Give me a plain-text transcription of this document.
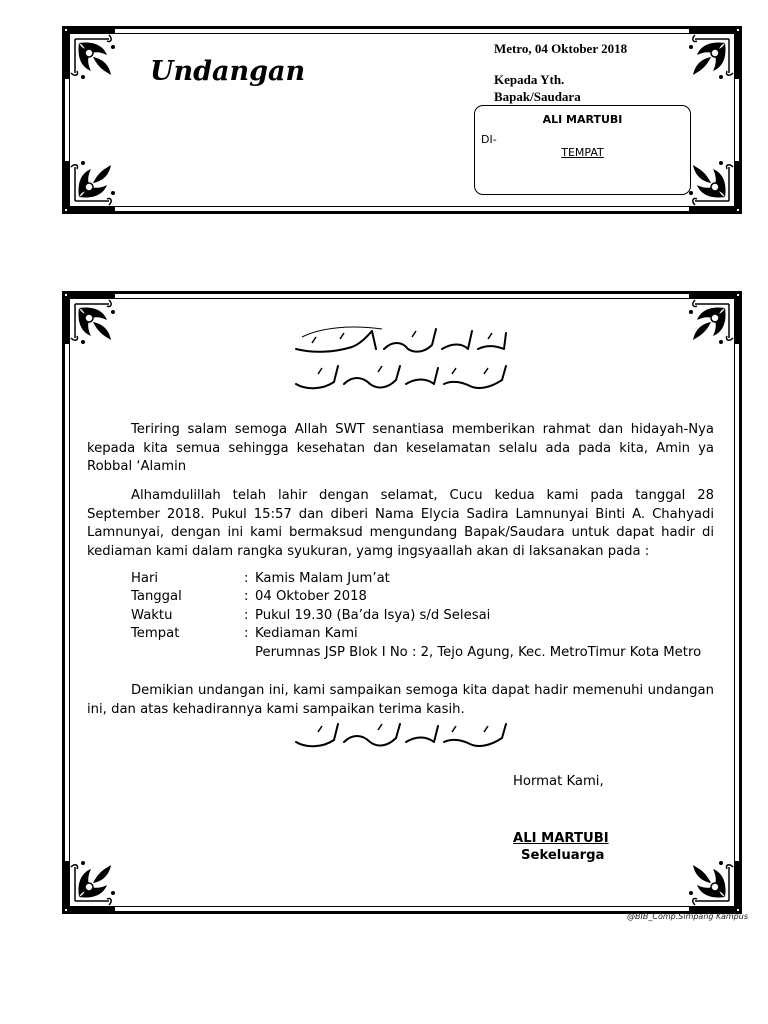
Undangan
Metro, 04 Oktober 2018
Kepada Yth.
Bapak/Saudara
ALI MARTUBI
DI-
TEMPAT
Teriring salam semoga Allah SWT senantiasa memberikan rahmat dan hidayah-Nya kepada kita semua sehingga kesehatan dan keselamatan selalu ada pada kita, Amin ya Robbal ‘Alamin
Alhamdulillah telah lahir dengan selamat, Cucu kedua kami pada tanggal 28 September 2018. Pukul 15:57 dan diberi Nama Elycia Sadira Lamnunyai Binti A. Chahyadi Lamnunyai, dengan ini kami bermaksud mengundang Bapak/Saudara untuk dapat hadir di kediaman kami dalam rangka syukuran, yamg ingsyaallah akan di laksanakan pada :
Hari	: Kamis Malam Jum’at
Tanggal	: 04 Oktober 2018
Waktu	: Pukul 19.30 (Ba’da Isya) s/d Selesai
Tempat	: Kediaman Kami
Perumnas JSP Blok I No : 2, Tejo Agung, Kec. MetroTimur Kota Metro
Demikian undangan ini, kami sampaikan semoga kita dapat hadir memenuhi undangan ini, dan atas kehadirannya kami sampaikan terima kasih.
Hormat Kami,
ALI MARTUBI
Sekeluarga
@BIB_Comp.Simpang Kampus
